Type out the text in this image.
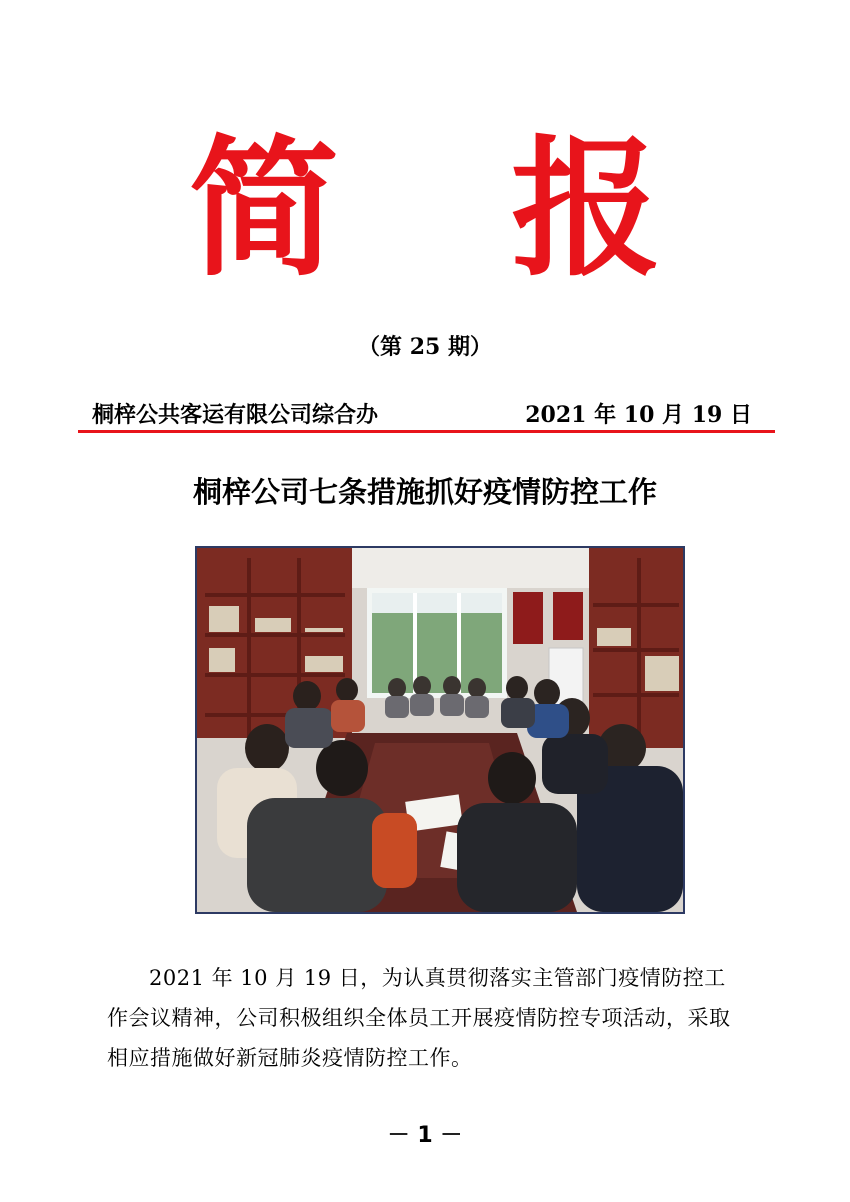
简 报
（第 25 期）
桐梓公共客运有限公司综合办	2021 年 10 月 19 日
桐梓公司七条措施抓好疫情防控工作
2021 年 10 月 19 日，为认真贯彻落实主管部门疫情防控工作会议精神，公司积极组织全体员工开展疫情防控专项活动，采取相应措施做好新冠肺炎疫情防控工作。
－ 1 －
